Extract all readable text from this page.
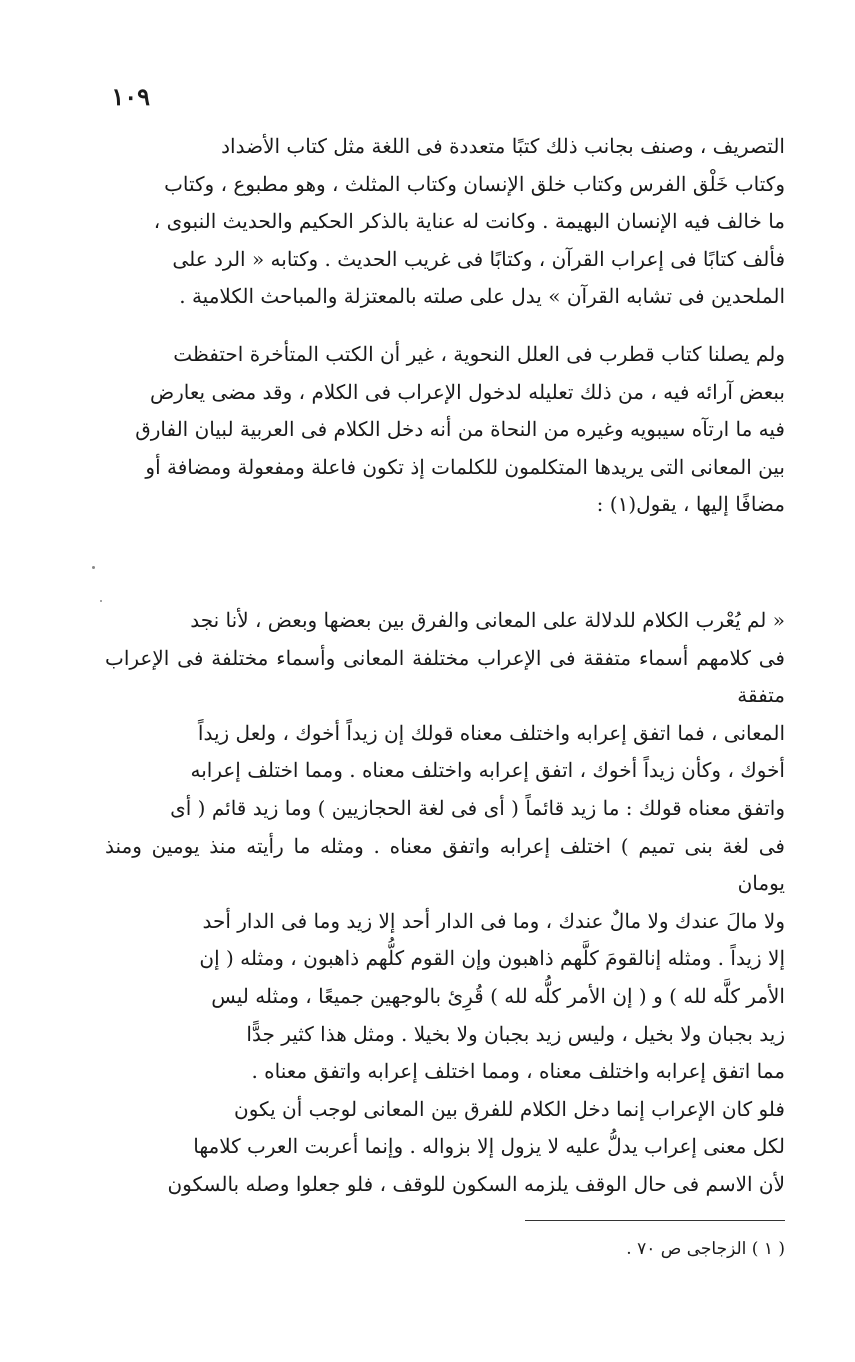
١٠٩

التصريف ، وصنف بجانب ذلك كتبًا متعددة فى اللغة مثل كتاب الأضداد

وكتاب خَلْق الفرس وكتاب خلق الإنسان وكتاب المثلث ، وهو مطبوع ، وكتاب

ما خالف فيه الإنسان البهيمة . وكانت له عناية بالذكر الحكيم والحديث النبوى ،

فألف كتابًا فى إعراب القرآن ، وكتابًا فى غريب الحديث . وكتابه « الرد على

الملحدين فى تشابه القرآن » يدل على صلته بالمعتزلة والمباحث الكلامية .

ولم يصلنا كتاب قطرب فى العلل النحوية ، غير أن الكتب المتأخرة احتفظت

ببعض آرائه فيه ، من ذلك تعليله لدخول الإعراب فى الكلام ، وقد مضى يعارض

فيه ما ارتآه سيبويه وغيره من النحاة من أنه دخل الكلام فى العربية لبيان الفارق

بين المعانى التى يريدها المتكلمون للكلمات إذ تكون فاعلة ومفعولة ومضافة أو

مضافًا إليها ، يقول(١) :

« لم يُعْرب الكلام للدلالة على المعانى والفرق بين بعضها وبعض ، لأنا نجد

فى كلامهم أسماء متفقة فى الإعراب مختلفة المعانى وأسماء مختلفة فى الإعراب متفقة

المعانى ، فما اتفق إعرابه واختلف معناه قولك إن زيداً أخوك ، ولعل زيداً

أخوك ، وكأن زيداً أخوك ، اتفق إعرابه واختلف معناه . ومما اختلف إعرابه

واتفق معناه قولك : ما زيد قائماً ( أى فى لغة الحجازيين ) وما زيد قائم ( أى

فى لغة بنى تميم ) اختلف إعرابه واتفق معناه . ومثله ما رأيته منذ يومين ومنذ يومان

ولا مالَ عندك ولا مالٌ عندك ، وما فى الدار أحد إلا زيد وما فى الدار أحد

إلا زيداً . ومثله إنالقومَ كلَّهم ذاهبون وإن القوم كلُّهم ذاهبون ، ومثله ( إن

الأمر كلَّه لله ) و ( إن الأمر كلُّه لله ) قُرِئ بالوجهين جميعًا ، ومثله ليس

زيد بجبان ولا بخيل ، وليس زيد بجبان ولا بخيلا . ومثل هذا كثير جدًّا

مما اتفق إعرابه واختلف معناه ، ومما اختلف إعرابه واتفق معناه .

فلو كان الإعراب إنما دخل الكلام للفرق بين المعانى لوجب أن يكون

لكل معنى إعراب يدلُّ عليه لا يزول إلا بزواله . وإنما أعربت العرب كلامها

لأن الاسم فى حال الوقف يلزمه السكون للوقف ، فلو جعلوا وصله بالسكون

( ١ ) الزجاجى ص ٧٠ .
